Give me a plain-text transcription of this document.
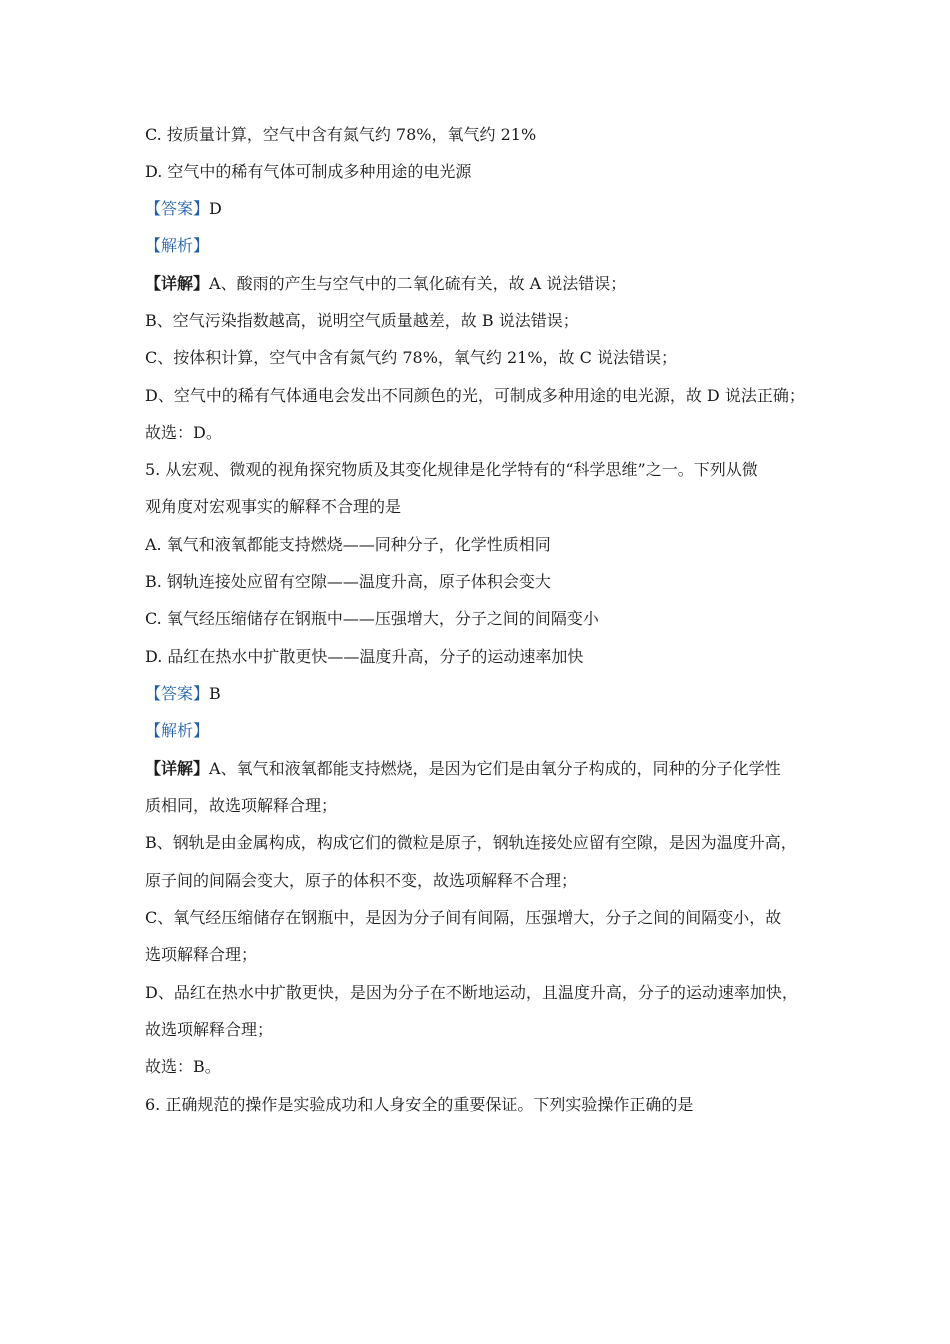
C. 按质量计算，空气中含有氮气约 78%，氧气约 21%
D. 空气中的稀有气体可制成多种用途的电光源
【答案】D
【解析】
【详解】A、酸雨的产生与空气中的二氧化硫有关，故 A 说法错误；
B、空气污染指数越高，说明空气质量越差，故 B 说法错误；
C、按体积计算，空气中含有氮气约 78%，氧气约 21%，故 C 说法错误；
D、空气中的稀有气体通电会发出不同颜色的光，可制成多种用途的电光源，故 D 说法正确；
故选：D。
5. 从宏观、微观的视角探究物质及其变化规律是化学特有的“科学思维”之一。下列从微
观角度对宏观事实的解释不合理的是
A. 氧气和液氧都能支持燃烧——同种分子，化学性质相同
B. 钢轨连接处应留有空隙——温度升高，原子体积会变大
C. 氧气经压缩储存在钢瓶中——压强增大，分子之间的间隔变小
D. 品红在热水中扩散更快——温度升高，分子的运动速率加快
【答案】B
【解析】
【详解】A、氧气和液氧都能支持燃烧，是因为它们是由氧分子构成的，同种的分子化学性
质相同，故选项解释合理；
B、钢轨是由金属构成，构成它们的微粒是原子，钢轨连接处应留有空隙，是因为温度升高，
原子间的间隔会变大，原子的体积不变，故选项解释不合理；
C、氧气经压缩储存在钢瓶中，是因为分子间有间隔，压强增大，分子之间的间隔变小，故
选项解释合理；
D、品红在热水中扩散更快，是因为分子在不断地运动，且温度升高，分子的运动速率加快，
故选项解释合理；
故选：B。
6. 正确规范的操作是实验成功和人身安全的重要保证。下列实验操作正确的是
